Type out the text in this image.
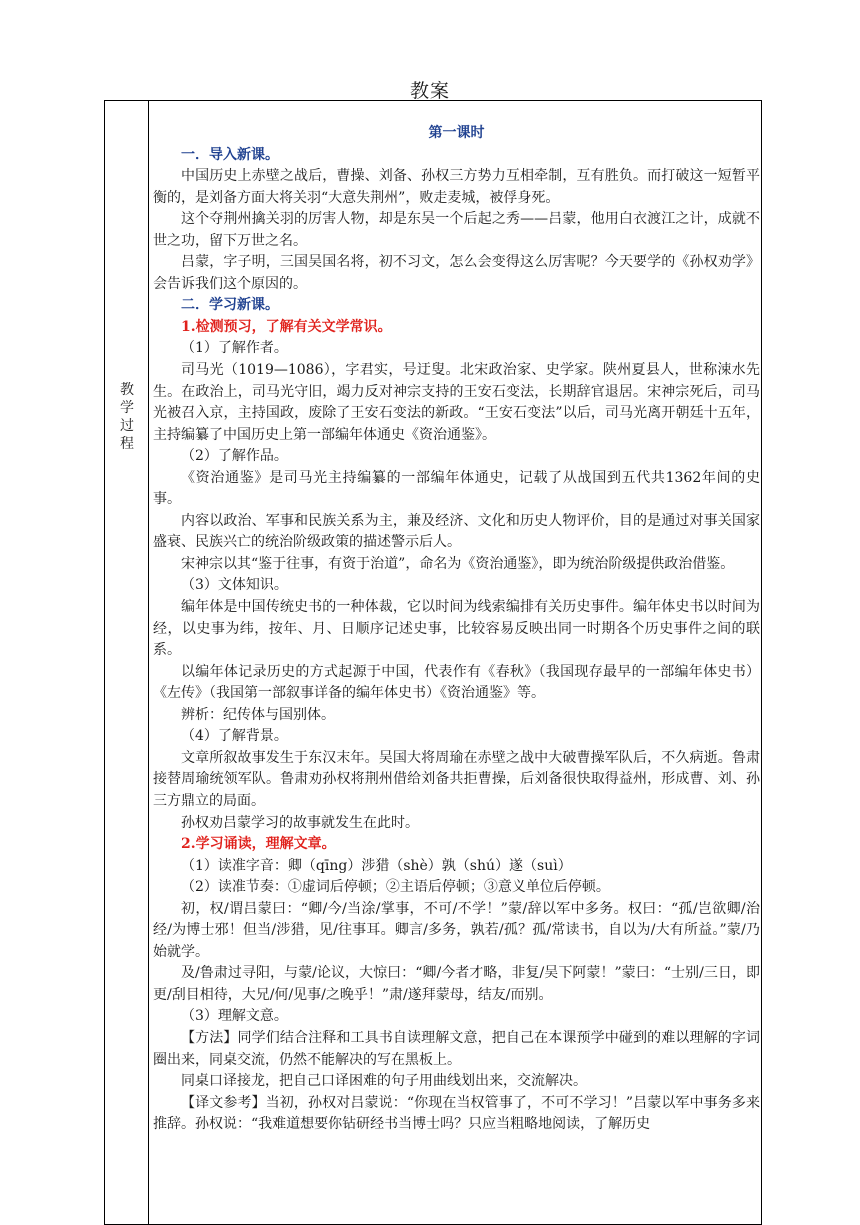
教案
教
学
过
程

第一课时

一．导入新课。

中国历史上赤壁之战后，曹操、刘备、孙权三方势力互相牵制，互有胜负。而打破这一短暂平衡的，是刘备方面大将关羽“大意失荆州”，败走麦城，被俘身死。

这个夺荆州擒关羽的厉害人物，却是东吴一个后起之秀——吕蒙，他用白衣渡江之计，成就不世之功，留下万世之名。

吕蒙，字子明，三国吴国名将，初不习文，怎么会变得这么厉害呢？今天要学的《孙权劝学》会告诉我们这个原因的。

二．学习新课。

1.检测预习，了解有关文学常识。

（1）了解作者。

司马光（1019—1086），字君实，号迂叟。北宋政治家、史学家。陕州夏县人，世称涑水先生。在政治上，司马光守旧，竭力反对神宗支持的王安石变法，长期辞官退居。宋神宗死后，司马光被召入京，主持国政，废除了王安石变法的新政。“王安石变法”以后，司马光离开朝廷十五年，主持编纂了中国历史上第一部编年体通史《资治通鉴》。

（2）了解作品。

《资治通鉴》是司马光主持编纂的一部编年体通史，记载了从战国到五代共1362年间的史事。

内容以政治、军事和民族关系为主，兼及经济、文化和历史人物评价，目的是通过对事关国家盛衰、民族兴亡的统治阶级政策的描述警示后人。

宋神宗以其“鉴于往事，有资于治道”，命名为《资治通鉴》，即为统治阶级提供政治借鉴。

（3）文体知识。

编年体是中国传统史书的一种体裁，它以时间为线索编排有关历史事件。编年体史书以时间为经，以史事为纬，按年、月、日顺序记述史事，比较容易反映出同一时期各个历史事件之间的联系。

以编年体记录历史的方式起源于中国，代表作有《春秋》（我国现存最早的一部编年体史书）《左传》（我国第一部叙事详备的编年体史书）《资治通鉴》等。

辨析：纪传体与国别体。

（4）了解背景。

文章所叙故事发生于东汉末年。吴国大将周瑜在赤壁之战中大破曹操军队后，不久病逝。鲁肃接替周瑜统领军队。鲁肃劝孙权将荆州借给刘备共拒曹操，后刘备很快取得益州，形成曹、刘、孙三方鼎立的局面。

孙权劝吕蒙学习的故事就发生在此时。

2.学习诵读，理解文章。

（1）读准字音：卿（qīng）涉猎（shè）孰（shú）遂（suì）

（2）读准节奏：①虚词后停顿；②主语后停顿；③意义单位后停顿。

初，权/谓吕蒙曰：“卿/今/当涂/掌事，不可/不学！”蒙/辞以军中多务。权曰：“孤/岂欲卿/治经/为博士邪！但当/涉猎，见/往事耳。卿言/多务，孰若/孤？孤/常读书，自以为/大有所益。”蒙/乃始就学。

及/鲁肃过寻阳，与蒙/论议，大惊曰：“卿/今者才略，非复/吴下阿蒙！”蒙曰：“士别/三日，即更/刮目相待，大兄/何/见事/之晚乎！”肃/遂拜蒙母，结友/而别。

（3）理解文意。

【方法】同学们结合注释和工具书自读理解文意，把自己在本课预学中碰到的难以理解的字词圈出来，同桌交流，仍然不能解决的写在黑板上。

同桌口译接龙，把自己口译困难的句子用曲线划出来，交流解决。

【译文参考】当初，孙权对吕蒙说：“你现在当权管事了，不可不学习！”吕蒙以军中事务多来推辞。孙权说：“我难道想要你钻研经书当博士吗？只应当粗略地阅读，了解历史
